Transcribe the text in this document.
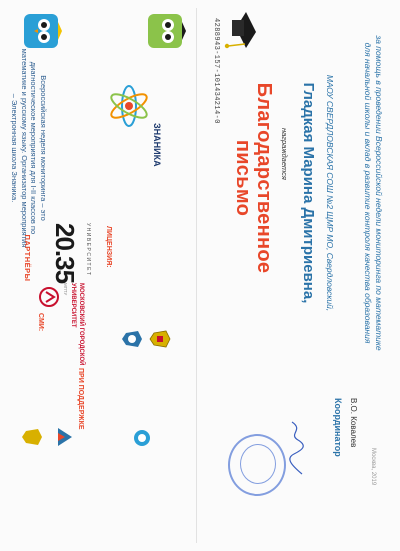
Благодарственное письмо
4288943-157-101434214-0
награждается Гладкая Марина Дмитриевна, МАОУ СВЕРДЛОВСКАЯ СОШ №2 ЩМР МО, Свердловский,	за помощь в проведении Всероссийской недели мониторинга по математике для начальной школы и вклад в развитие контроля качества образования
Координатор В.О. Ковалев
Москва, 2019
ЗНАНИКА
Всероссийская неделя мониторинга – это диагностическое мероприятия для I-II классов по математике и русскому языку. Организатор мероприятия – Электронная школа Знаника.
ПАРТНЁРЫ 20.35 УНИВЕРСИТЕТ
МОСКОВСКИЙ ГОРОДСКОЙ УНИВЕРСИТЕТ
МГПУ
СМИ:
ЛИЦЕНЗИЯ:
ПРИ ПОДДЕРЖКЕ
